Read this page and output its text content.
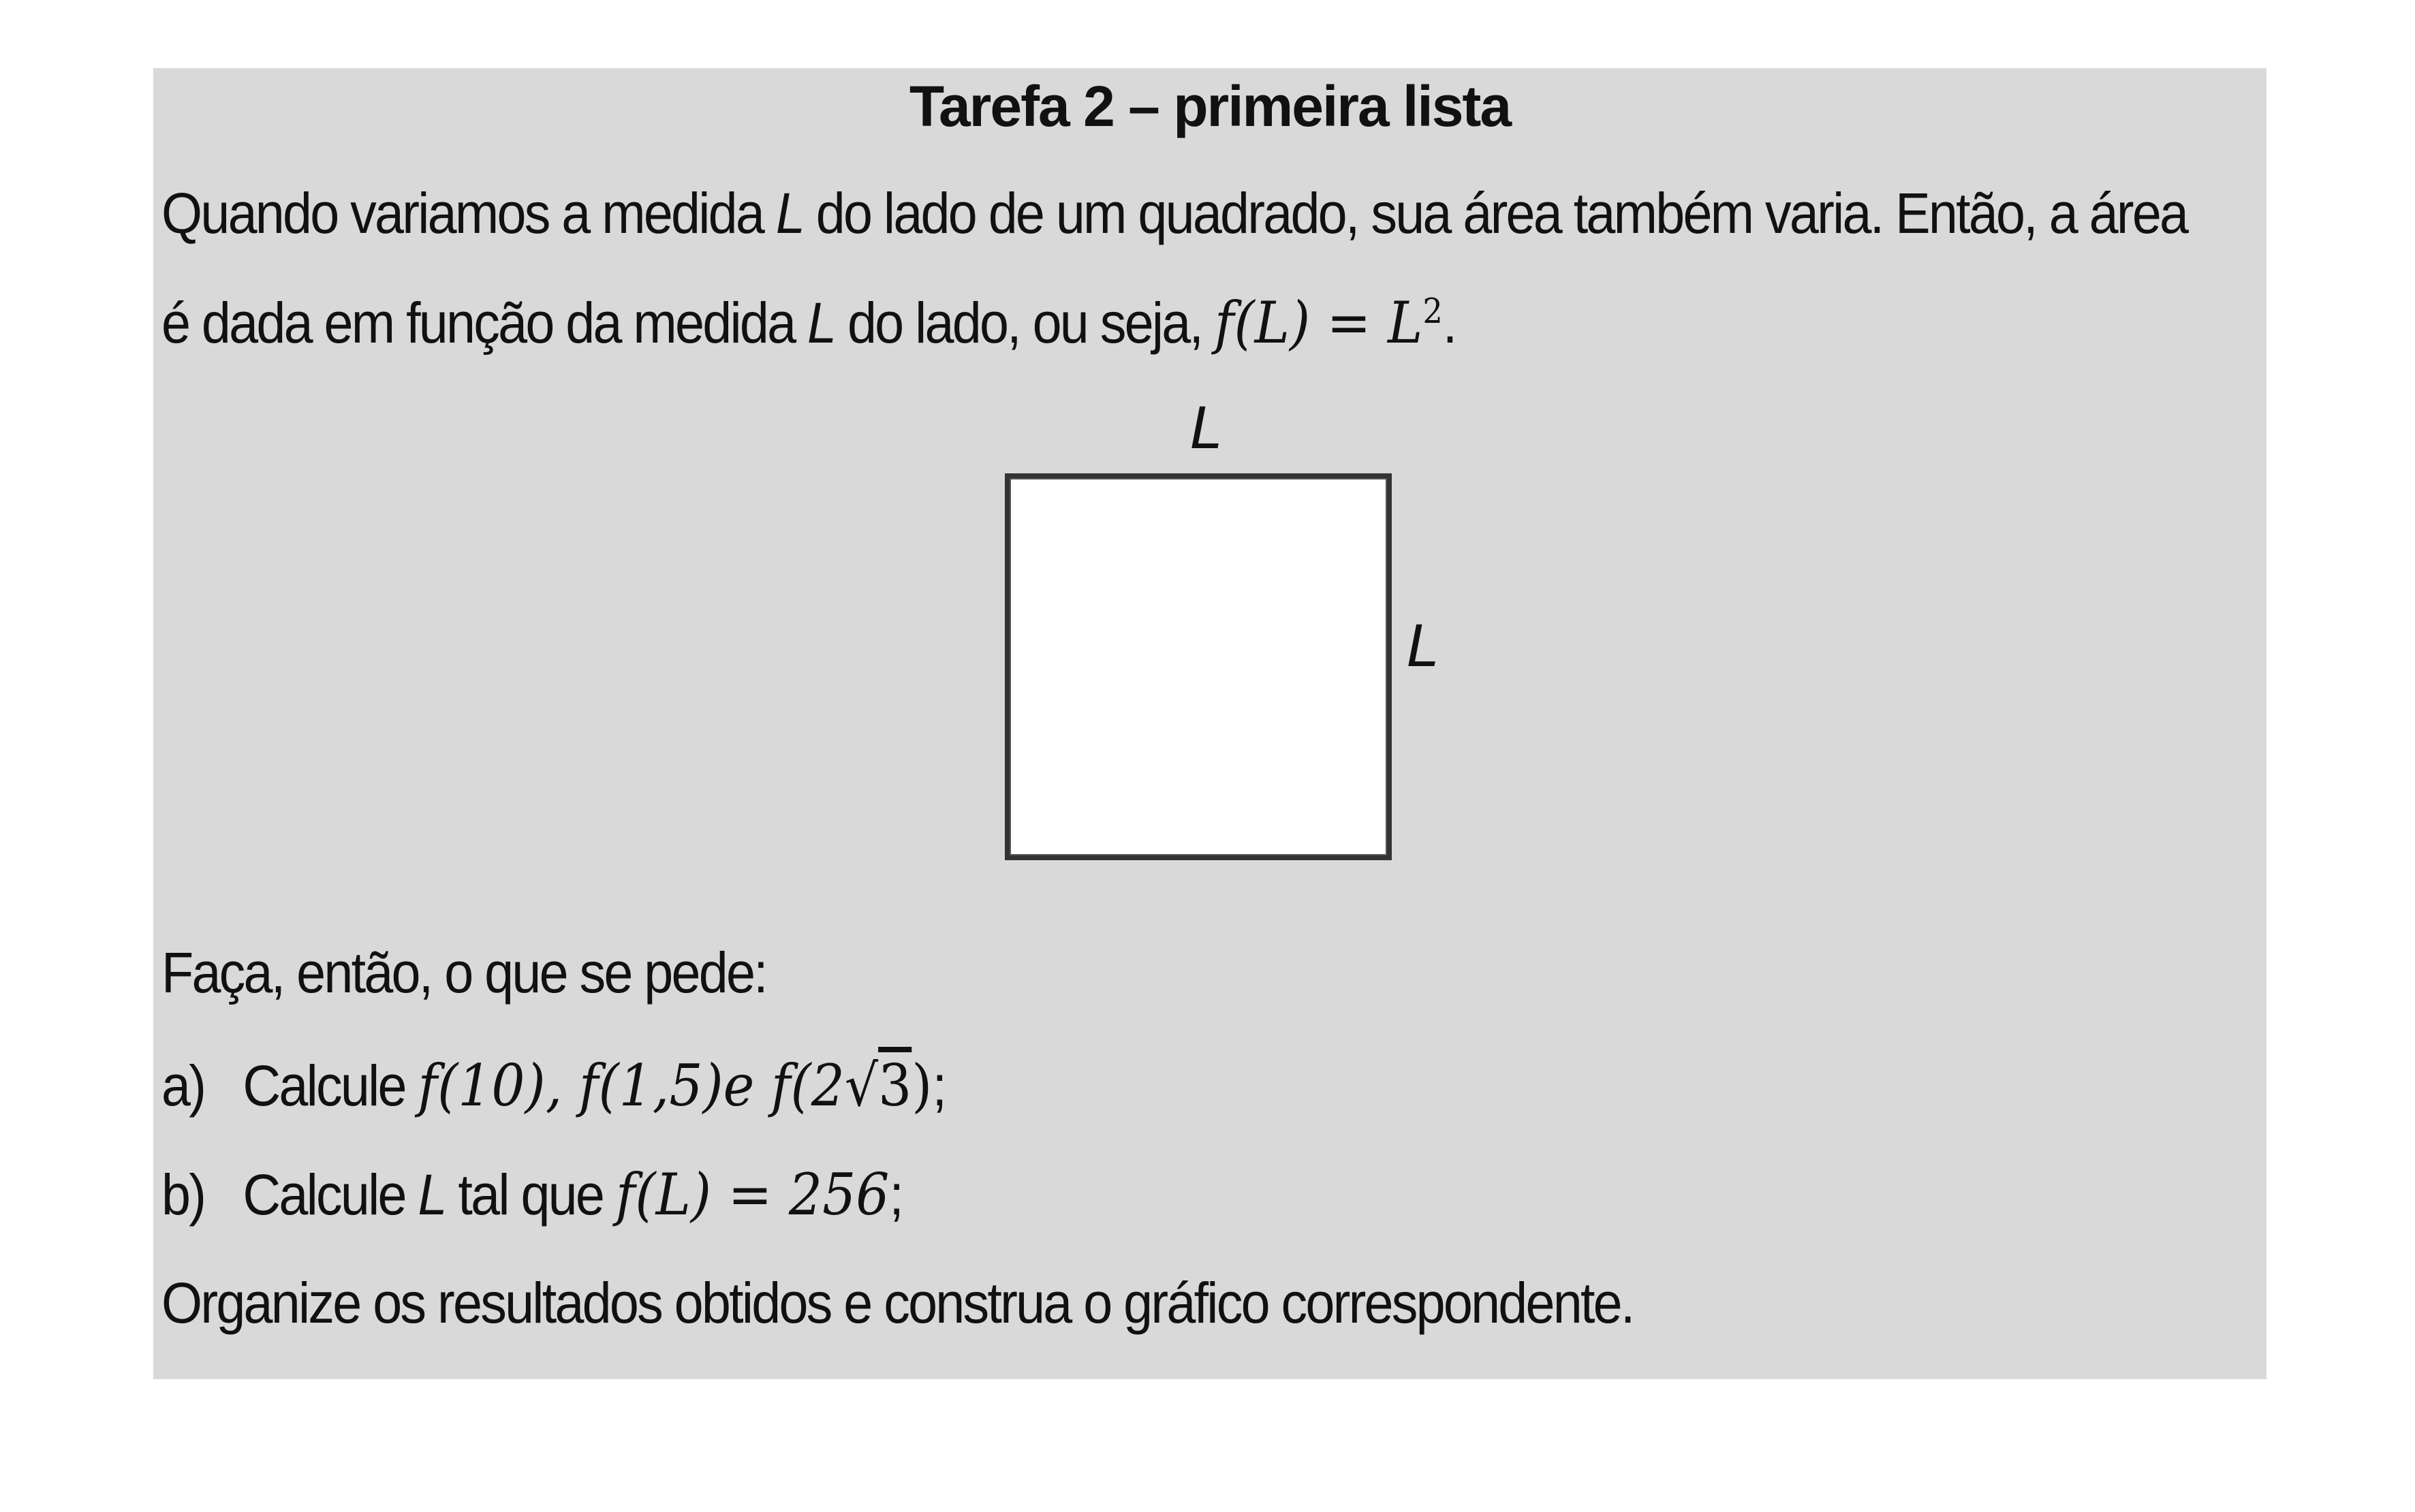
Tarefa 2 – primeira lista
Quando variamos a medida L do lado de um quadrado, sua área também varia. Então, a área
é dada em função da medida L do lado, ou seja, $f(L) = L^2$.
L
L
Faça, então, o que se pede:
a) Calcule f(10), f(1,5)e f(2√3);
b) Calcule L tal que f(L) = 256;
Organize os resultados obtidos e construa o gráfico correspondente.
